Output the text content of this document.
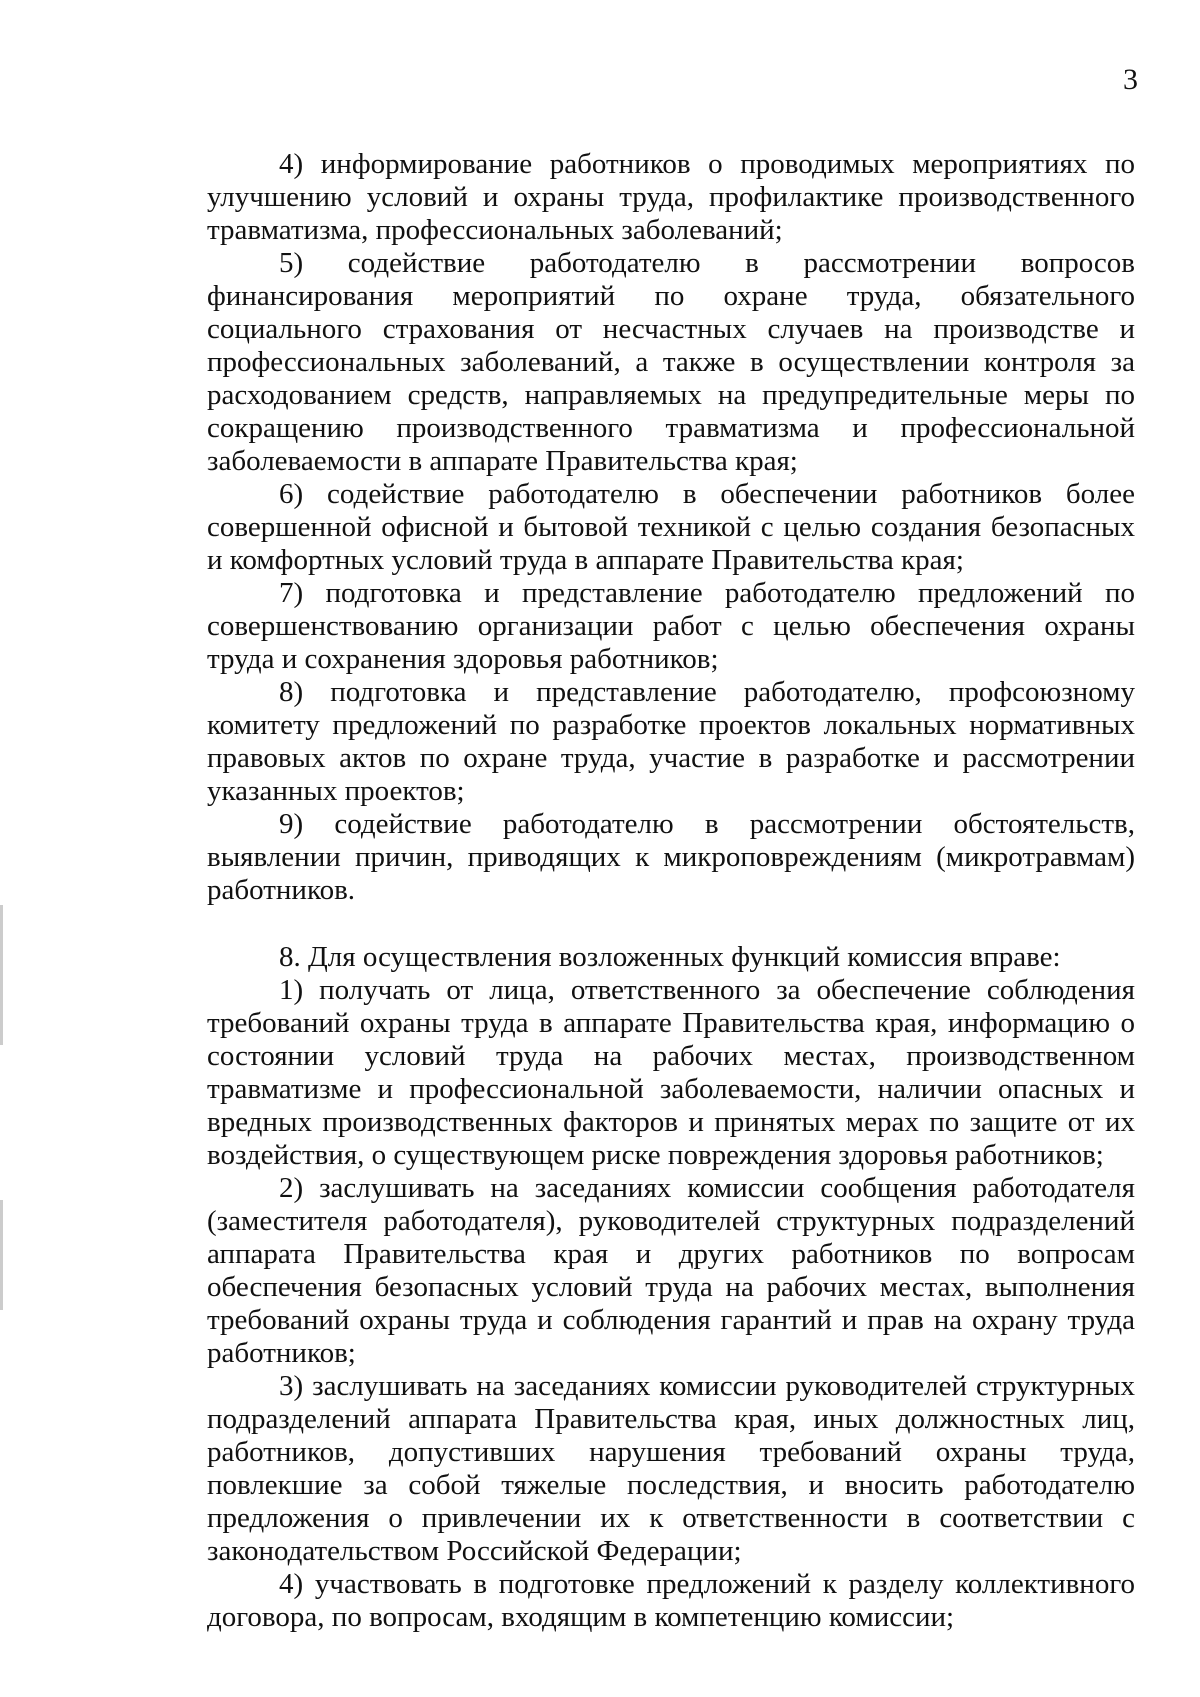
3

4) информирование работников о проводимых мероприятиях по улучшению условий и охраны труда, профилактике производственного травматизма, профессиональных заболеваний;

5) содействие работодателю в рассмотрении вопросов финансирования мероприятий по охране труда, обязательного социального страхования от несчастных случаев на производстве и профессиональных заболеваний, а также в осуществлении контроля за расходованием средств, направляемых на предупредительные меры по сокращению производственного травматизма и профессиональной заболеваемости в аппарате Правительства края;

6) содействие работодателю в обеспечении работников более совершенной офисной и бытовой техникой с целью создания безопасных и комфортных условий труда в аппарате Правительства края;

7) подготовка и представление работодателю предложений по совершенствованию организации работ с целью обеспечения охраны труда и сохранения здоровья работников;

8) подготовка и представление работодателю, профсоюзному комитету предложений по разработке проектов локальных нормативных правовых актов по охране труда, участие в разработке и рассмотрении указанных проектов;

9) содействие работодателю в рассмотрении обстоятельств, выявлении причин, приводящих к микроповреждениям (микротравмам) работников.

8. Для осуществления возложенных функций комиссия вправе:

1) получать от лица, ответственного за обеспечение соблюдения требований охраны труда в аппарате Правительства края, информацию о состоянии условий труда на рабочих местах, производственном травматизме и профессиональной заболеваемости, наличии опасных и вредных производственных факторов и принятых мерах по защите от их воздействия, о существующем риске повреждения здоровья работников;

2) заслушивать на заседаниях комиссии сообщения работодателя (заместителя работодателя), руководителей структурных подразделений аппарата Правительства края и других работников по вопросам обеспечения безопасных условий труда на рабочих местах, выполнения требований охраны труда и соблюдения гарантий и прав на охрану труда работников;

3) заслушивать на заседаниях комиссии руководителей структурных подразделений аппарата Правительства края, иных должностных лиц, работников, допустивших нарушения требований охраны труда, повлекшие за собой тяжелые последствия, и вносить работодателю предложения о привлечении их к ответственности в соответствии с законодательством Российской Федерации;

4) участвовать в подготовке предложений к разделу коллективного договора, по вопросам, входящим в компетенцию комиссии;
